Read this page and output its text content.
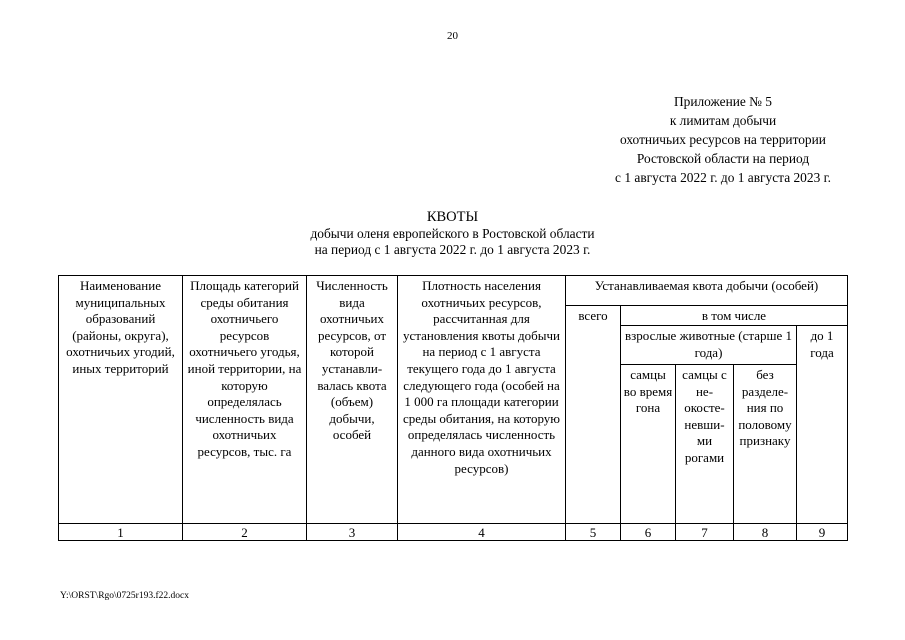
20
Приложение № 5
к лимитам добычи
охотничьих ресурсов на территории
Ростовской области на период
с 1 августа 2022 г. до 1 августа 2023 г.
КВОТЫ
добычи оленя европейского в Ростовской области
на период с 1 августа 2022 г. до 1 августа 2023 г.
Наименование муниципальных образований (районы, округа), охотничьих угодий, иных территорий	Площадь категорий среды обитания охотничьего ресурсов охотничьего угодья, иной территории, на которую определялась численность вида охотничьих ресурсов, тыс. га	Численность вида охотничьих ресурсов, от которой устанавли-валась квота (объем) добычи, особей	Плотность населения охотничьих ресурсов, рассчитанная для установления квоты добычи на период с 1 августа текущего года до 1 августа следующего года (особей на 1 000 га площади категории среды обитания, на которую определялась численность данного вида охотничьих ресурсов)	Устанавливаемая квота добычи (особей)				
				всего	в том числе			
					взрослые животные (старше 1 года)			до 1 года
					самцы во время гона	самцы с не-окосте-невши-ми рогами	без разделе-ния по половому признаку	

1	2	3	4	5	6	7	8	9
Y:\ORST\Rgo\0725r193.f22.docx
